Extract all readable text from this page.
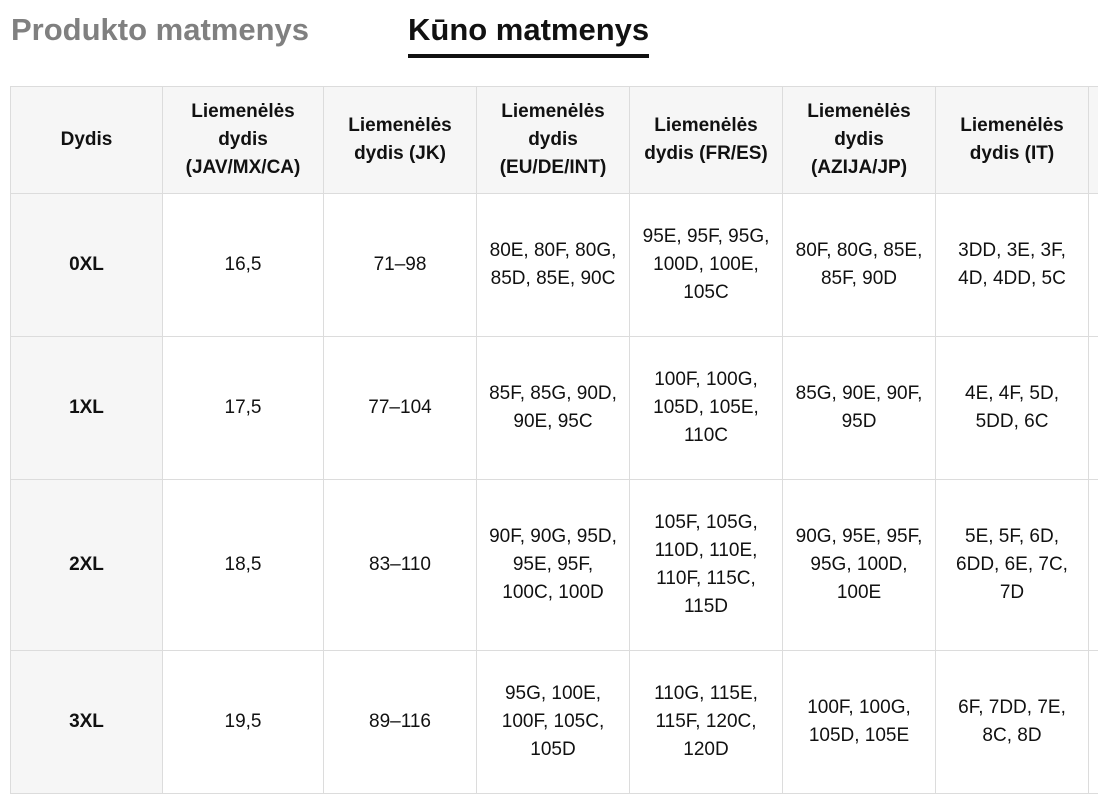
Produkto matmenys	Kūno matmenys
Dydis	Liemenėlės dydis (JAV/MX/CA)	Liemenėlės dydis (JK)	Liemenėlės dydis (EU/DE/INT)	Liemenėlės dydis (FR/ES)	Liemenėlės dydis (AZIJA/JP)	Liemenėlės dydis (IT)	
0XL	16,5	71–98	80E, 80F, 80G, 85D, 85E, 90C	95E, 95F, 95G, 100D, 100E, 105C	80F, 80G, 85E, 85F, 90D	3DD, 3E, 3F, 4D, 4DD, 5C	
1XL	17,5	77–104	85F, 85G, 90D, 90E, 95C	100F, 100G, 105D, 105E, 110C	85G, 90E, 90F, 95D	4E, 4F, 5D, 5DD, 6C	
2XL	18,5	83–110	90F, 90G, 95D, 95E, 95F, 100C, 100D	105F, 105G, 110D, 110E, 110F, 115C, 115D	90G, 95E, 95F, 95G, 100D, 100E	5E, 5F, 6D, 6DD, 6E, 7C, 7D	
3XL	19,5	89–116	95G, 100E, 100F, 105C, 105D	110G, 115E, 115F, 120C, 120D	100F, 100G, 105D, 105E	6F, 7DD, 7E, 8C, 8D	
